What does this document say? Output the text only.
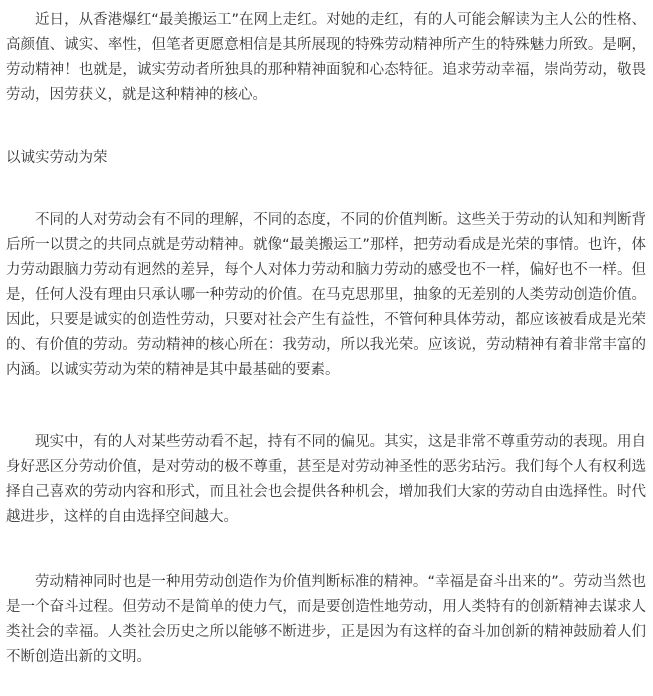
近日，从香港爆红“最美搬运工”在网上走红。对她的走红，有的人可能会解读为主人公的性格、高颜值、诚实、率性，但笔者更愿意相信是其所展现的特殊劳动精神所产生的特殊魅力所致。是啊，劳动精神！也就是，诚实劳动者所独具的那种精神面貌和心态特征。追求劳动幸福，崇尚劳动，敬畏劳动，因劳获义，就是这种精神的核心。

以诚实劳动为荣

不同的人对劳动会有不同的理解，不同的态度，不同的价值判断。这些关于劳动的认知和判断背后所一以贯之的共同点就是劳动精神。就像“最美搬运工”那样，把劳动看成是光荣的事情。也许，体力劳动跟脑力劳动有迥然的差异，每个人对体力劳动和脑力劳动的感受也不一样，偏好也不一样。但是，任何人没有理由只承认哪一种劳动的价值。在马克思那里，抽象的无差别的人类劳动创造价值。因此，只要是诚实的创造性劳动，只要对社会产生有益性，不管何种具体劳动，都应该被看成是光荣的、有价值的劳动。劳动精神的核心所在：我劳动，所以我光荣。应该说，劳动精神有着非常丰富的内涵。以诚实劳动为荣的精神是其中最基础的要素。

现实中，有的人对某些劳动看不起，持有不同的偏见。其实，这是非常不尊重劳动的表现。用自身好恶区分劳动价值，是对劳动的极不尊重，甚至是对劳动神圣性的恶劣玷污。我们每个人有权利选择自己喜欢的劳动内容和形式，而且社会也会提供各种机会，增加我们大家的劳动自由选择性。时代越进步，这样的自由选择空间越大。

劳动精神同时也是一种用劳动创造作为价值判断标准的精神。“幸福是奋斗出来的”。劳动当然也是一个奋斗过程。但劳动不是简单的使力气，而是要创造性地劳动，用人类特有的创新精神去谋求人类社会的幸福。人类社会历史之所以能够不断进步，正是因为有这样的奋斗加创新的精神鼓励着人们不断创造出新的文明。
